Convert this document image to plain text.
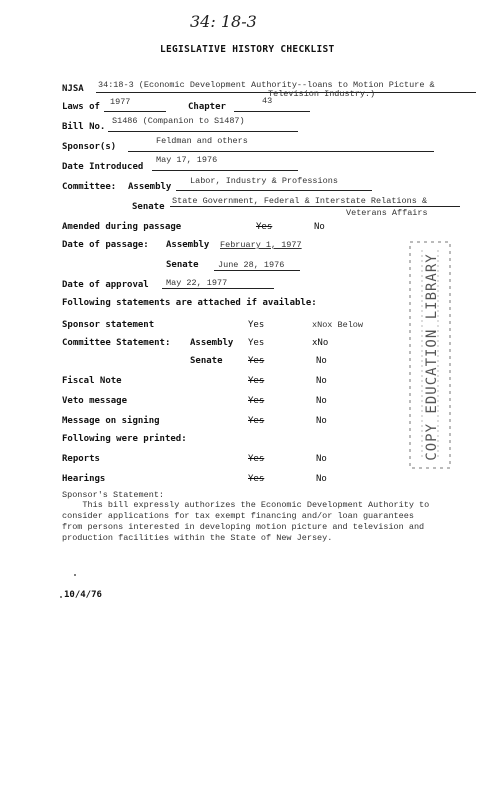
34: 18-3
LEGISLATIVE HISTORY CHECKLIST
NJSA 34:18-3 (Economic Development Authority--loans to Motion Picture &
Television Industry.)
Laws of 1977	Chapter
43
Bill No.
S1486 (Companion to S1487)
Sponsor(s)
Feldman and others
Date Introduced
May 17, 1976
Committee: Assembly
Labor, Industry & Professions
Senate
State Government, Federal & Interstate Relations &
Veterans Affairs
Amended during passage	Yes	No
Date of passage: Assembly February 1, 1977
Senate June 28, 1976
Date of approval May 22, 1977
Following statements are attached if available:
Sponsor statement	Yes	xNox Below
Committee Statement: Assembly Yes	xNo
Senate	Yes	No
Fiscal Note	Yes	No
Veto message	Yes	No
Message on signing	Yes	No
Following were printed:
Reports	Yes	No
Hearings	Yes	No
Sponsor's Statement:
This bill expressly authorizes the Economic Development Authority to
consider applications for tax exempt financing and/or loan guarantees
from persons interested in developing motion picture and television and
production facilities within the State of New Jersey.
10/4/76
COPY EDUCATION LIBRARY
